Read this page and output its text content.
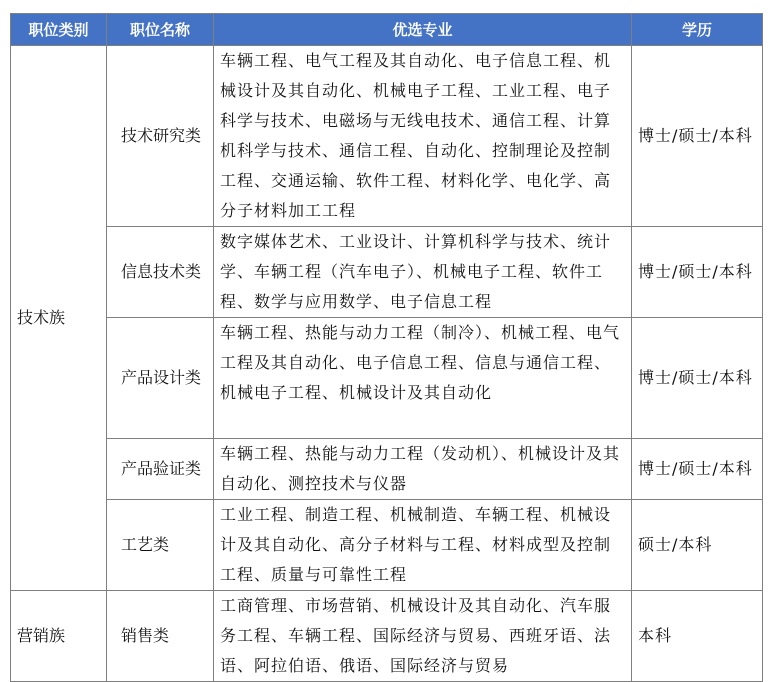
职位类别	职位名称	优选专业	学历
技术族	技术研究类	车辆工程、电气工程及其自动化、电子信息工程、机械设计及其自动化、机械电子工程、工业工程、电子科学与技术、电磁场与无线电技术、通信工程、计算机科学与技术、通信工程、自动化、控制理论及控制工程、交通运输、软件工程、材料化学、电化学、高分子材料加工工程	博士/硕士/本科
	信息技术类	数字媒体艺术、工业设计、计算机科学与技术、统计学、车辆工程（汽车电子）、机械电子工程、软件工程、数学与应用数学、电子信息工程	博士/硕士/本科
	产品设计类	车辆工程、热能与动力工程（制冷）、机械工程、电气工程及其自动化、电子信息工程、信息与通信工程、机械电子工程、机械设计及其自动化	博士/硕士/本科
	产品验证类	车辆工程、热能与动力工程（发动机）、机械设计及其自动化、测控技术与仪器	博士/硕士/本科
	工艺类	工业工程、制造工程、机械制造、车辆工程、机械设计及其自动化、高分子材料与工程、材料成型及控制工程、质量与可靠性工程	硕士/本科
营销族	销售类	工商管理、市场营销、机械设计及其自动化、汽车服务工程、车辆工程、国际经济与贸易、西班牙语、法语、阿拉伯语、俄语、国际经济与贸易	本科
